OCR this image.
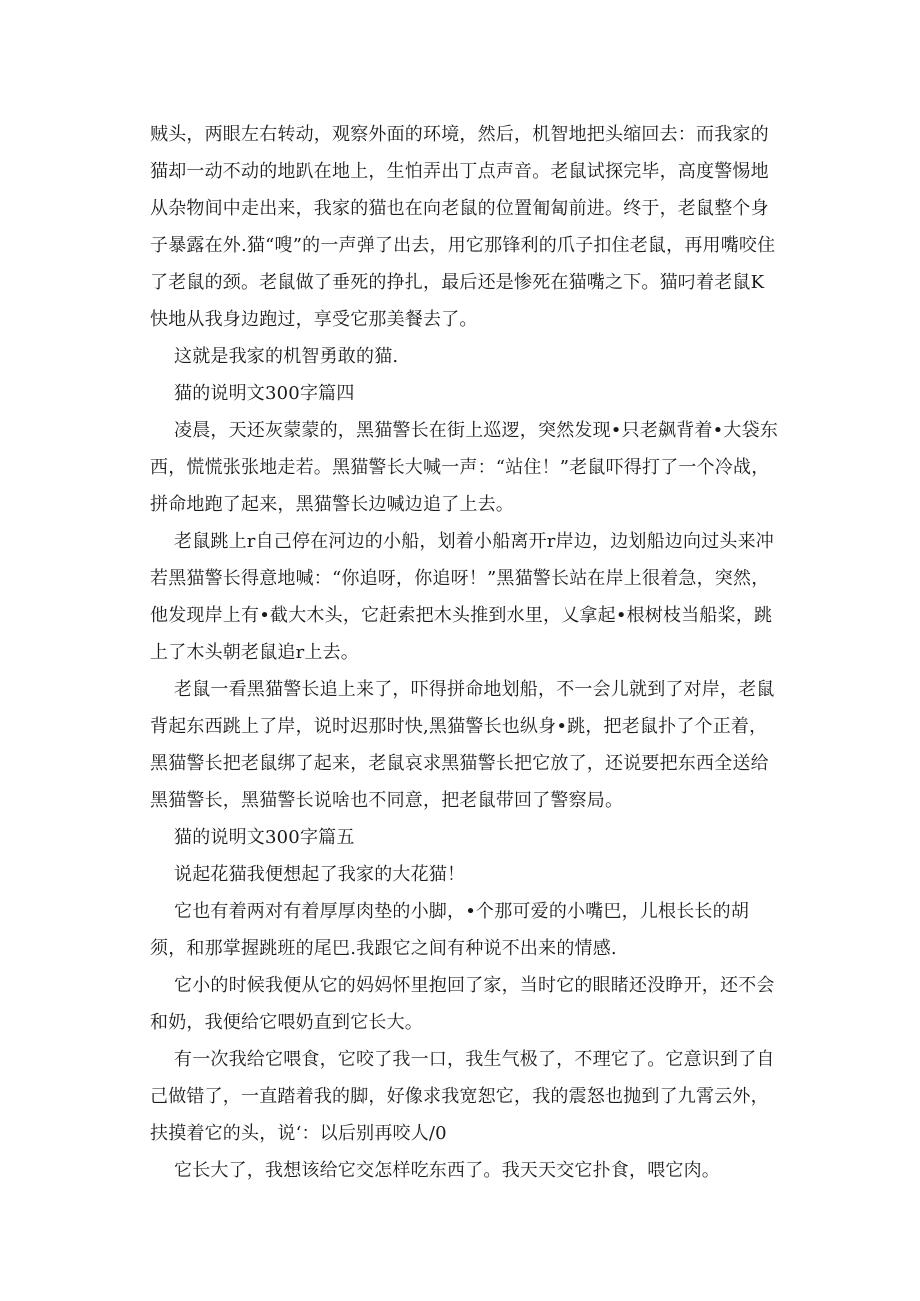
贼头，两眼左右转动，观察外面的环境，然后，机智地把头缩回去：而我家的猫却一动不动的地趴在地上，生怕弄出丁点声音。老鼠试探完毕，高度警惕地从杂物间中走出来，我家的猫也在向老鼠的位置匍匐前进。终于，老鼠整个身子暴露在外.猫“嗖”的一声弹了出去，用它那锋利的爪子扣住老鼠，再用嘴咬住了老鼠的颈。老鼠做了垂死的挣扎，最后还是惨死在猫嘴之下。猫叼着老鼠K快地从我身边跑过，享受它那美餐去了。

这就是我家的机智勇敢的猫.

猫的说明文300字篇四

凌晨，天还灰蒙蒙的，黑猫警长在街上巡逻，突然发现•只老飙背着•大袋东西，慌慌张张地走若。黑猫警长大喊一声：“站住！”老鼠吓得打了一个冷战，拼命地跑了起来，黑猫警长边喊边追了上去。

老鼠跳上r自己停在河边的小船，划着小船离开r岸边，边划船边向过头来冲若黑猫警长得意地喊：“你追呀，你追呀！”黑猫警长站在岸上很着急，突然，他发现岸上有•截大木头，它赶索把木头推到水里，乂拿起•根树枝当船桨，跳上了木头朝老鼠追r上去。

老鼠一看黑猫警长追上来了，吓得拼命地划船，不一会儿就到了对岸，老鼠背起东西跳上了岸，说时迟那时快,黑猫警长也纵身•跳，把老鼠扑了个正着，黑猫警长把老鼠绑了起来，老鼠哀求黑猫警长把它放了，还说要把东西全送给黑猫警长，黑猫警长说啥也不同意，把老鼠带回了警察局。

猫的说明文300字篇五

说起花猫我便想起了我家的大花猫！

它也有着两对有着厚厚肉垫的小脚，•个那可爱的小嘴巴，儿根长长的胡须，和那掌握跳班的尾巴.我跟它之间有种说不出来的情感.

它小的时候我便从它的妈妈怀里抱回了家，当时它的眼睹还没睁开，还不会和奶，我便给它喂奶直到它长大。

有一次我给它喂食，它咬了我一口，我生气极了，不理它了。它意识到了自己做错了，一直踏着我的脚，好像求我宽恕它，我的震怒也抛到了九霄云外，扶摸着它的头，说‘：以后别再咬人/0

它长大了，我想该给它交怎样吃东西了。我天天交它扑食，喂它肉。
